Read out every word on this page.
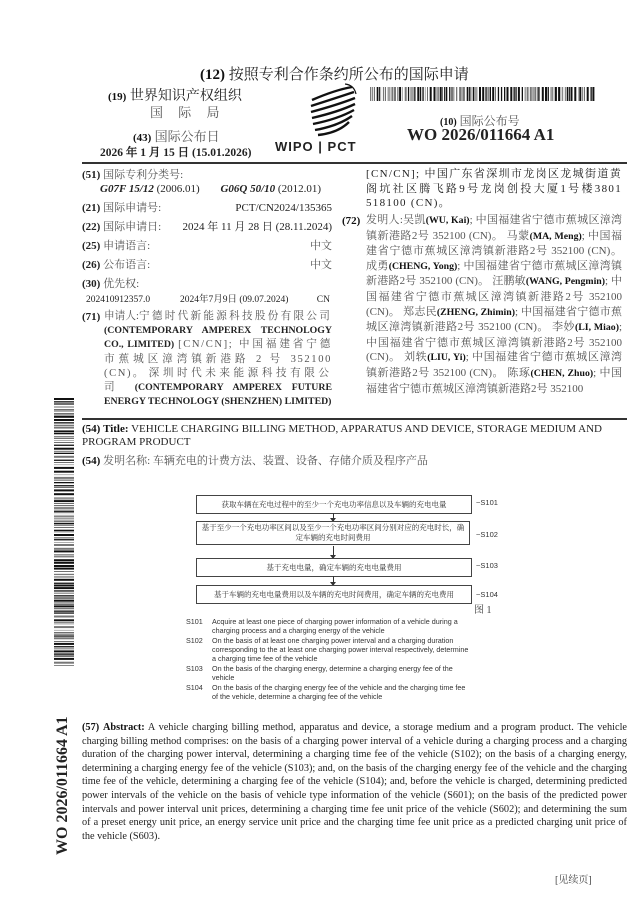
(12) 按照专利合作条约所公布的国际申请
(19) 世界知识产权组织
国 际 局
(43) 国际公布日
2026 年 1 月 15 日 (15.01.2026) WIPO | PCT
(10) 国际公布号
WO 2026/011664 A1
WO 2026/011664 A1
(51) 国际专利分类号:
G07F 15/12 (2006.01) G06Q 50/10 (2012.01)
(21) 国际申请号:	PCT/CN2024/135365
(22) 国际申请日: 2024 年 11 月 28 日 (28.11.2024)
(25) 申请语言:	中文
(26) 公布语言:	中文
(30) 优先权:
202410912357.0	2024年7月9日 (09.07.2024)	CN
(71) 申请人:宁德时代新能源科技股份有限公司 (CONTEMPORARY AMPEREX TECHNOLOGY CO., LIMITED) [CN/CN]; 中国福建省宁德市蕉城区漳湾镇新港路 2 号 352100 (CN)。 深圳时代未来能源科技有限公司 (CONTEMPORARY AMPEREX FUTURE ENERGY TECHNOLOGY (SHENZHEN) LIMITED)
[CN/CN]; 中国广东省深圳市龙岗区龙城街道黄阁坑社区腾飞路9号龙岗创投大厦1号楼3801 518100 (CN)。
(72) 发明人:吴凯(WU, Kai); 中国福建省宁德市蕉城区漳湾镇新港路2号 352100 (CN)。 马蒙(MA, Meng); 中国福建省宁德市蕉城区漳湾镇新港路2号 352100 (CN)。 成勇(CHENG, Yong); 中国福建省宁德市蕉城区漳湾镇新港路2号 352100 (CN)。 汪鹏敏(WANG, Pengmin); 中国福建省宁德市蕉城区漳湾镇新港路2号 352100 (CN)。 郑志民(ZHENG, Zhimin); 中国福建省宁德市蕉城区漳湾镇新港路2号 352100 (CN)。 李妙(LI, Miao); 中国福建省宁德市蕉城区漳湾镇新港路2号 352100 (CN)。 刘轶(LIU, Yi); 中国福建省宁德市蕉城区漳湾镇新港路2号 352100 (CN)。 陈琢(CHEN, Zhuo); 中国福建省宁德市蕉城区漳湾镇新港路2号 352100
(54) Title: VEHICLE CHARGING BILLING METHOD, APPARATUS AND DEVICE, STORAGE MEDIUM AND PROGRAM PRODUCT
(54) 发明名称: 车辆充电的计费方法、装置、设备、存储介质及程序产品
获取车辆在充电过程中的至少一个充电功率信息以及车辆的充电电量	~S101
基于至少一个充电功率区间以及至少一个充电功率区间分别对应的充电时长，确定车辆的充电时间费用	~S102
基于充电电量，确定车辆的充电电量费用	~S103
基于车辆的充电电量费用以及车辆的充电时间费用，确定车辆的充电费用	~S104
图 1
S101 Acquire at least one piece of charging power information of a vehicle during a charging process and a charging energy of the vehicle
S102 On the basis of at least one charging power interval and a charging duration corresponding to the at least one charging power interval respectively, determine a charging time fee of the vehicle
S103 On the basis of the charging energy, determine a charging energy fee of the vehicle
S104 On the basis of the charging energy fee of the vehicle and the charging time fee of the vehicle, determine a charging fee of the vehicle
(57) Abstract: A vehicle charging billing method, apparatus and device, a storage medium and a program product. The vehicle charging billing method comprises: on the basis of a charging power interval of a vehicle during a charging process and a charging duration of the charging power interval, determining a charging time fee of the vehicle (S102); on the basis of a charging energy, determining a charging energy fee of the vehicle (S103); and, on the basis of the charging energy fee of the vehicle and the charging time fee of the vehicle, determining a charging fee of the vehicle (S104); and, before the vehicle is charged, determining predicted power intervals of the vehicle on the basis of vehicle type information of the vehicle (S601); on the basis of the predicted power intervals and power interval unit prices, determining a charging time fee unit price of the vehicle (S602); and determining the sum of a preset energy unit price, an energy service unit price and the charging time fee unit price as a predicted charging unit price of the vehicle (S603).
[见续页]
